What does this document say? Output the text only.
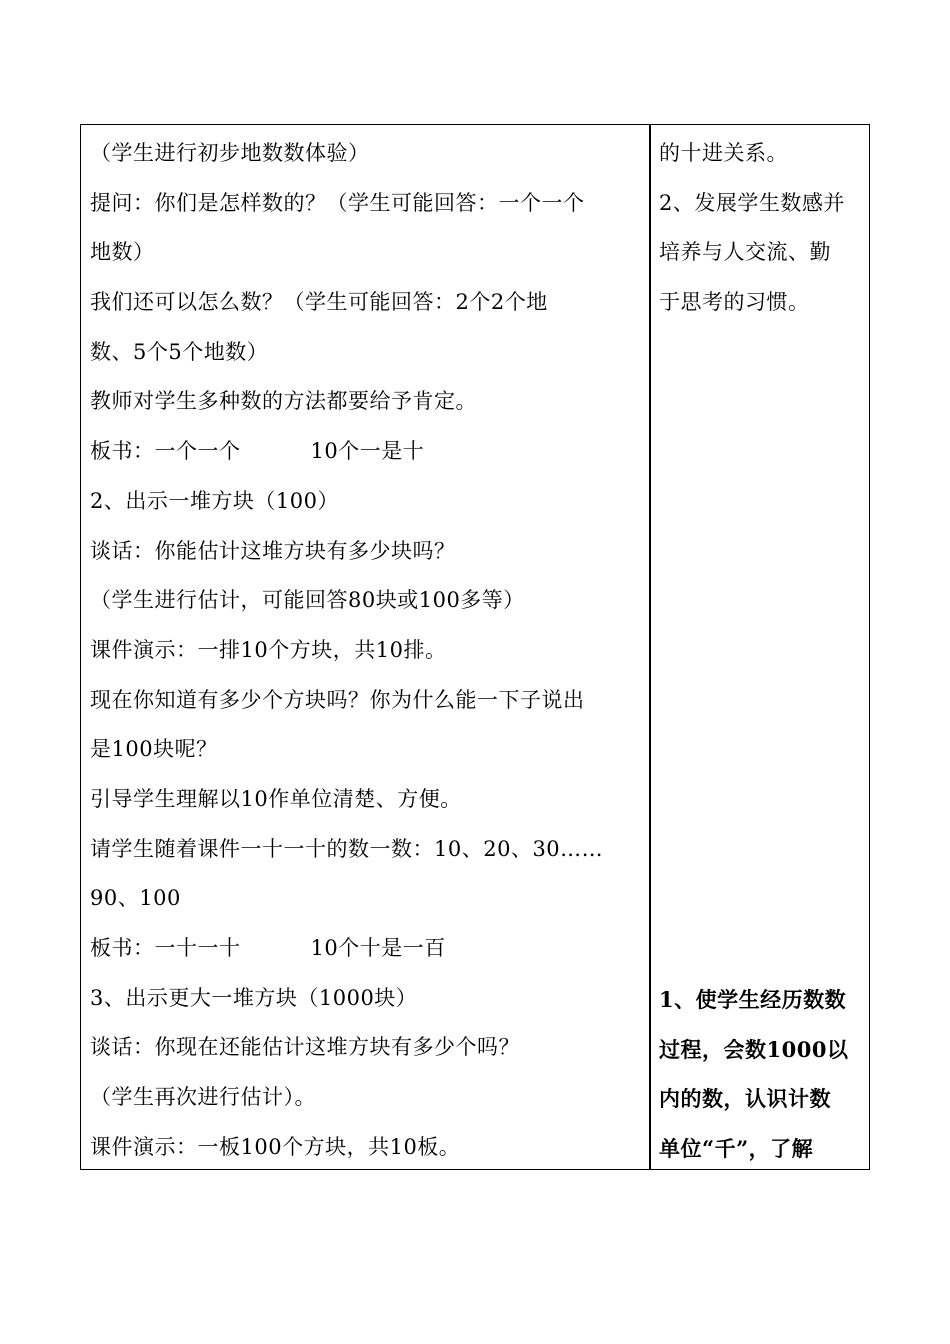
（学生进行初步地数数体验）
提问：你们是怎样数的？（学生可能回答：一个一个
地数）
我们还可以怎么数？（学生可能回答：2个2个地
数、5个5个地数）
教师对学生多种数的方法都要给予肯定。
板书：一个一个	10个一是十
2、出示一堆方块（100）
谈话：你能估计这堆方块有多少块吗？
（学生进行估计，可能回答80块或100多等）
课件演示：一排10个方块，共10排。
现在你知道有多少个方块吗？你为什么能一下子说出
是100块呢？
引导学生理解以10作单位清楚、方便。
请学生随着课件一十一十的数一数：10、20、30……
90、100
板书：一十一十	10个十是一百
3、出示更大一堆方块（1000块）
谈话：你现在还能估计这堆方块有多少个吗？
（学生再次进行估计）。
课件演示：一板100个方块，共10板。
的十进关系。
2、发展学生数感并
培养与人交流、勤
于思考的习惯。
1、使学生经历数数
过程，会数1000以
内的数，认识计数
单位“千”，了解
